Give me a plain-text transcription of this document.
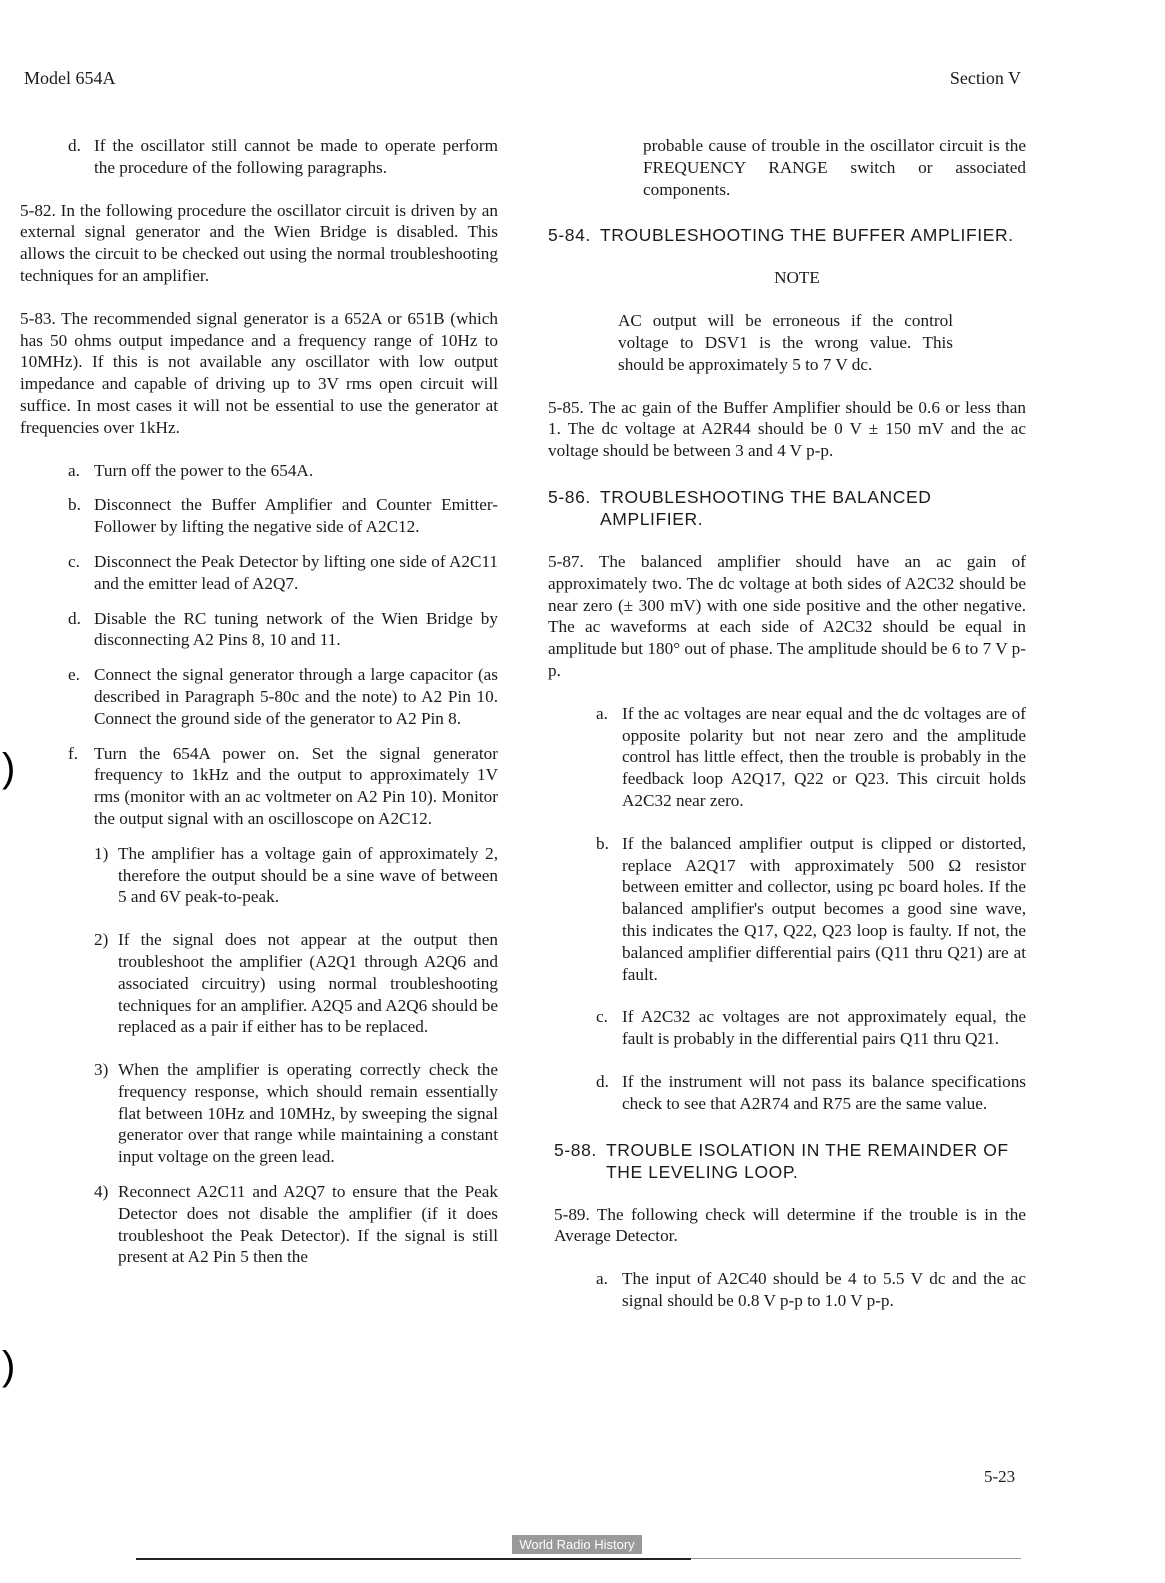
Model 654A	Section V
d. If the oscillator still cannot be made to operate perform the procedure of the following paragraphs.

5-82. In the following procedure the oscillator circuit is driven by an external signal generator and the Wien Bridge is disabled. This allows the circuit to be checked out using the normal troubleshooting techniques for an amplifier.

5-83. The recommended signal generator is a 652A or 651B (which has 50 ohms output impedance and a frequency range of 10Hz to 10MHz). If this is not available any oscillator with low output impedance and capable of driving up to 3V rms open circuit will suffice. In most cases it will not be essential to use the generator at frequencies over 1kHz.

a. Turn off the power to the 654A.
b. Disconnect the Buffer Amplifier and Counter Emitter-Follower by lifting the negative side of A2C12.
c. Disconnect the Peak Detector by lifting one side of A2C11 and the emitter lead of A2Q7.
d. Disable the RC tuning network of the Wien Bridge by disconnecting A2 Pins 8, 10 and 11.
e. Connect the signal generator through a large capacitor (as described in Paragraph 5-80c and the note) to A2 Pin 10. Connect the ground side of the generator to A2 Pin 8.
f. Turn the 654A power on. Set the signal generator frequency to 1kHz and the output to approximately 1V rms (monitor with an ac voltmeter on A2 Pin 10). Monitor the output signal with an oscilloscope on A2C12.
1) The amplifier has a voltage gain of approximately 2, therefore the output should be a sine wave of between 5 and 6V peak-to-peak.
2) If the signal does not appear at the output then troubleshoot the amplifier (A2Q1 through A2Q6 and associated circuitry) using normal troubleshooting techniques for an amplifier. A2Q5 and A2Q6 should be replaced as a pair if either has to be replaced.
3) When the amplifier is operating correctly check the frequency response, which should remain essentially flat between 10Hz and 10MHz, by sweeping the signal generator over that range while maintaining a constant input voltage on the green lead.
4) Reconnect A2C11 and A2Q7 to ensure that the Peak Detector does not disable the amplifier (if it does troubleshoot the Peak Detector). If the signal is still present at A2 Pin 5 then the

probable cause of trouble in the oscillator circuit is the FREQUENCY RANGE switch or associated components.

5-84. TROUBLESHOOTING THE BUFFER AMPLIFIER.
NOTE

AC output will be erroneous if the control voltage to DSV1 is the wrong value. This should be approximately 5 to 7 V dc.

5-85. The ac gain of the Buffer Amplifier should be 0.6 or less than 1. The dc voltage at A2R44 should be 0 V ± 150 mV and the ac voltage should be between 3 and 4 V p-p.

5-86. TROUBLESHOOTING THE BALANCED AMPLIFIER.

5-87. The balanced amplifier should have an ac gain of approximately two. The dc voltage at both sides of A2C32 should be near zero (± 300 mV) with one side positive and the other negative. The ac waveforms at each side of A2C32 should be equal in amplitude but 180° out of phase. The amplitude should be 6 to 7 V p-p.

a. If the ac voltages are near equal and the dc voltages are of opposite polarity but not near zero and the amplitude control has little effect, then the trouble is probably in the feedback loop A2Q17, Q22 or Q23. This circuit holds A2C32 near zero.
b. If the balanced amplifier output is clipped or distorted, replace A2Q17 with approximately 500 Ω resistor between emitter and collector, using pc board holes. If the balanced amplifier's output becomes a good sine wave, this indicates the Q17, Q22, Q23 loop is faulty. If not, the balanced amplifier differential pairs (Q11 thru Q21) are at fault.
c. If A2C32 ac voltages are not approximately equal, the fault is probably in the differential pairs Q11 thru Q21.
d. If the instrument will not pass its balance specifications check to see that A2R74 and R75 are the same value.
5-88. TROUBLE ISOLATION IN THE REMAINDER OF THE LEVELING LOOP.

5-89. The following check will determine if the trouble is in the Average Detector.

a. The input of A2C40 should be 4 to 5.5 V dc and the ac signal should be 0.8 V p-p to 1.0 V p-p.
)
)
5-23
World Radio History
